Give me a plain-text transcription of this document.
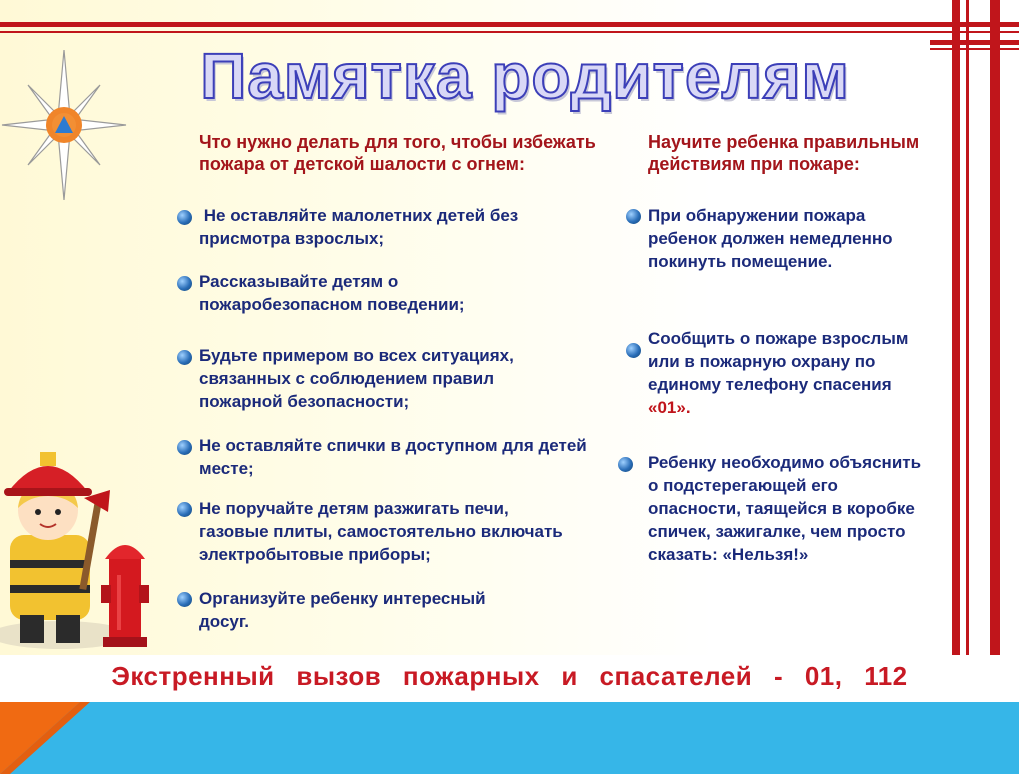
Памятка родителям
Что нужно делать для того, чтобы избежать пожара от детской шалости с огнем:
Не оставляйте малолетних детей без присмотра взрослых;
Рассказывайте детям о пожаробезопасном поведении;
Будьте примером во всех ситуациях, связанных с соблюдением правил пожарной безопасности;
Не оставляйте спички в доступном для детей месте;
Не поручайте детям разжигать печи, газовые плиты, самостоятельно включать электробытовые приборы;
Организуйте ребенку интересный досуг.
Научите ребенка правильным действиям при пожаре:
При обнаружении пожара ребенок должен немедленно покинуть помещение.
Сообщить о пожаре взрослым или в пожарную охрану по единому телефону спасения «01».
Ребенку необходимо объяснить о подстерегающей его опасности, таящейся в коробке спичек, зажигалке, чем просто сказать: «Нельзя!»
Экстренный вызов пожарных и спасателей - 01, 112
